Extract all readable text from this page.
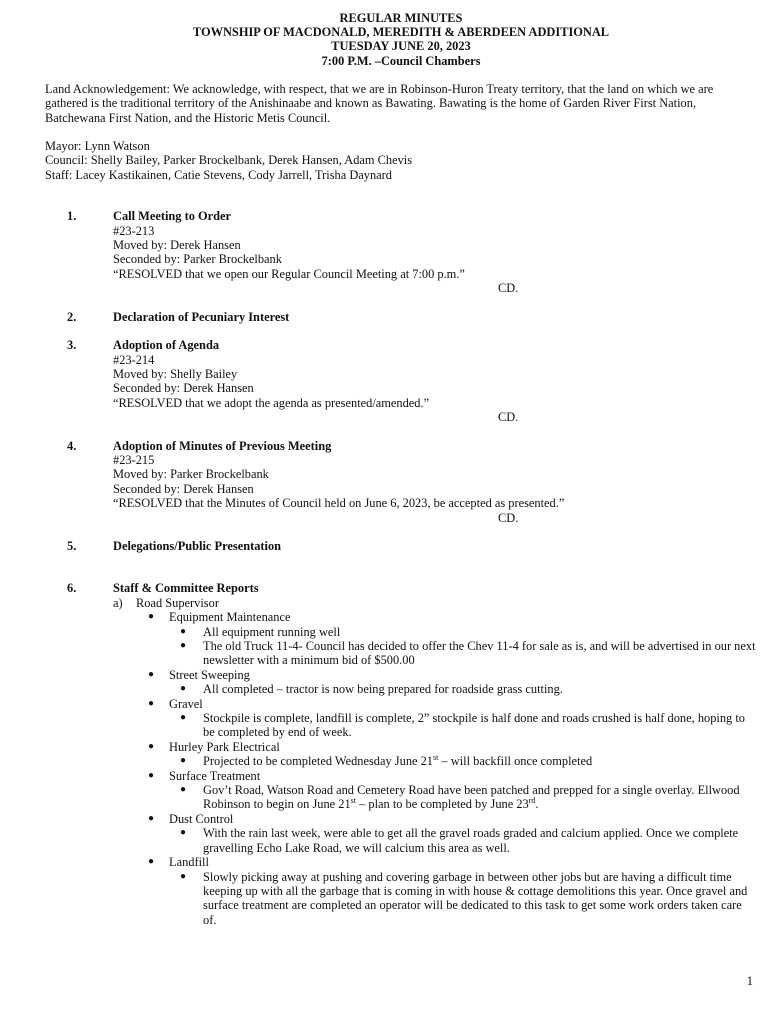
REGULAR MINUTES
TOWNSHIP OF MACDONALD, MEREDITH & ABERDEEN ADDITIONAL
TUESDAY JUNE 20, 2023
7:00 P.M. –Council Chambers
Land Acknowledgement: We acknowledge, with respect, that we are in Robinson-Huron Treaty territory, that the land on which we are gathered is the traditional territory of the Anishinaabe and known as Bawating. Bawating is the home of Garden River First Nation, Batchewana First Nation, and the Historic Metis Council.
Mayor: Lynn Watson
Council: Shelly Bailey, Parker Brockelbank, Derek Hansen, Adam Chevis
Staff: Lacey Kastikainen, Catie Stevens, Cody Jarrell, Trisha Daynard
1.	Call Meeting to Order
#23-213
Moved by: Derek Hansen
Seconded by: Parker Brockelbank
“RESOLVED that we open our Regular Council Meeting at 7:00 p.m.”
CD.
2.	Declaration of Pecuniary Interest
3.	Adoption of Agenda
#23-214
Moved by: Shelly Bailey
Seconded by: Derek Hansen
“RESOLVED that we adopt the agenda as presented/amended.”
CD.
4.	Adoption of Minutes of Previous Meeting
#23-215
Moved by: Parker Brockelbank
Seconded by: Derek Hansen
“RESOLVED that the Minutes of Council held on June 6, 2023, be accepted as presented.”
CD.
5.	Delegations/Public Presentation
6.	Staff & Committee Reports
a) Road Supervisor
● Equipment Maintenance
● All equipment running well
● The old Truck 11-4- Council has decided to offer the Chev 11-4 for sale as is, and will be advertised in our next newsletter with a minimum bid of $500.00
● Street Sweeping
● All completed – tractor is now being prepared for roadside grass cutting.
● Gravel
● Stockpile is complete, landfill is complete, 2” stockpile is half done and roads crushed is half done, hoping to be completed by end of week.
● Hurley Park Electrical
● Projected to be completed Wednesday June 21st – will backfill once completed
● Surface Treatment
● Gov’t Road, Watson Road and Cemetery Road have been patched and prepped for a single overlay. Ellwood Robinson to begin on June 21st – plan to be completed by June 23rd.
● Dust Control
● With the rain last week, were able to get all the gravel roads graded and calcium applied. Once we complete gravelling Echo Lake Road, we will calcium this area as well.
● Landfill
● Slowly picking away at pushing and covering garbage in between other jobs but are having a difficult time keeping up with all the garbage that is coming in with house & cottage demolitions this year. Once gravel and surface treatment are completed an operator will be dedicated to this task to get some work orders taken care of.
1
